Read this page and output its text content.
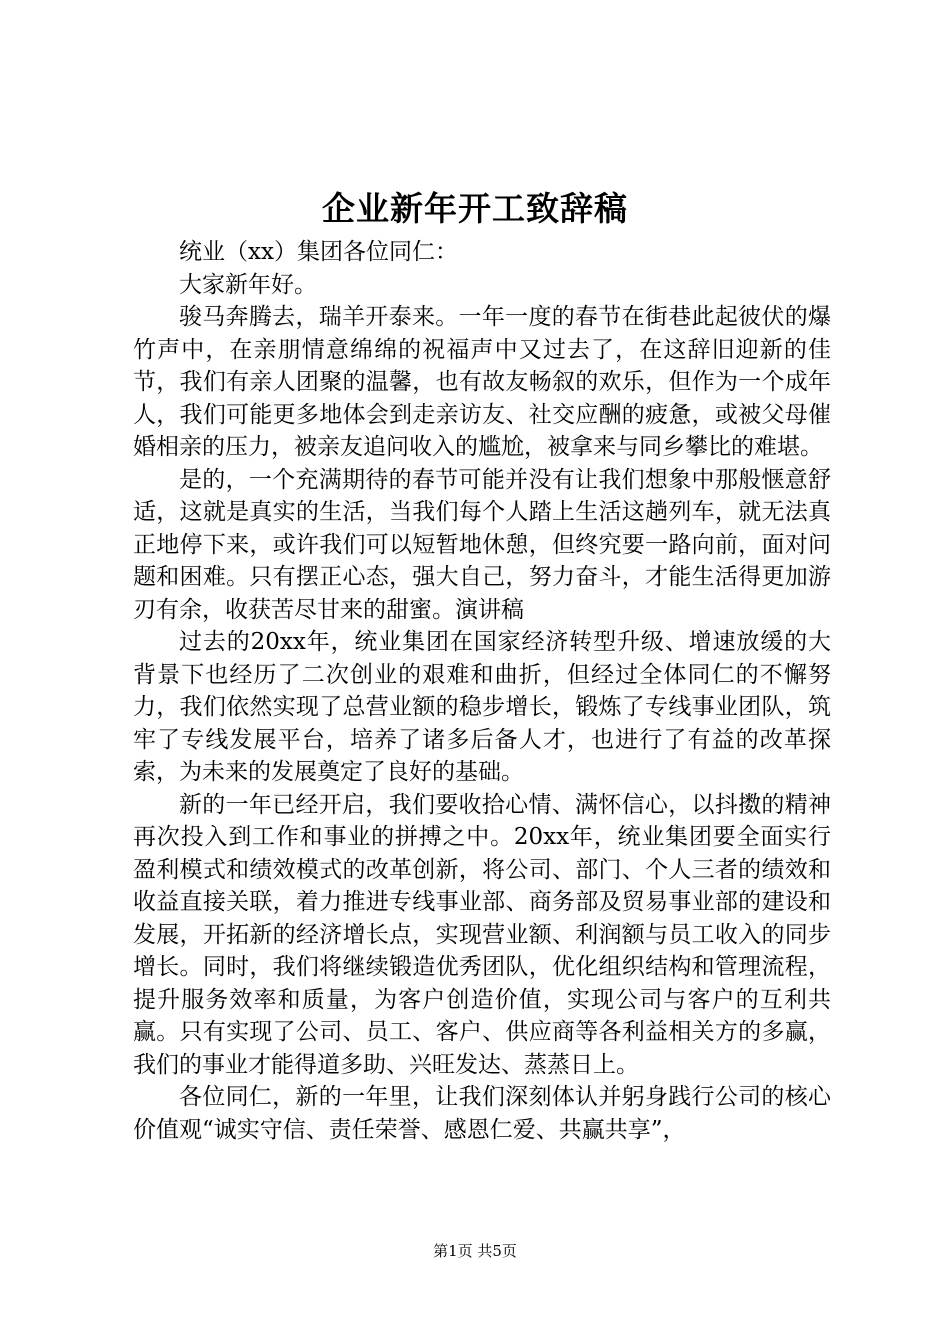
企业新年开工致辞稿

统业（xx）集团各位同仁：

大家新年好。

骏马奔腾去，瑞羊开泰来。一年一度的春节在街巷此起彼伏的爆竹声中，在亲朋情意绵绵的祝福声中又过去了，在这辞旧迎新的佳节，我们有亲人团聚的温馨，也有故友畅叙的欢乐，但作为一个成年人，我们可能更多地体会到走亲访友、社交应酬的疲惫，或被父母催婚相亲的压力，被亲友追问收入的尴尬，被拿来与同乡攀比的难堪。

是的，一个充满期待的春节可能并没有让我们想象中那般惬意舒适，这就是真实的生活，当我们每个人踏上生活这趟列车，就无法真正地停下来，或许我们可以短暂地休憩，但终究要一路向前，面对问题和困难。只有摆正心态，强大自己，努力奋斗，才能生活得更加游刃有余，收获苦尽甘来的甜蜜。演讲稿

过去的20xx年，统业集团在国家经济转型升级、增速放缓的大背景下也经历了二次创业的艰难和曲折，但经过全体同仁的不懈努力，我们依然实现了总营业额的稳步增长，锻炼了专线事业团队，筑牢了专线发展平台，培养了诸多后备人才，也进行了有益的改革探索，为未来的发展奠定了良好的基础。

新的一年已经开启，我们要收拾心情、满怀信心，以抖擞的精神再次投入到工作和事业的拼搏之中。20xx年，统业集团要全面实行盈利模式和绩效模式的改革创新，将公司、部门、个人三者的绩效和收益直接关联，着力推进专线事业部、商务部及贸易事业部的建设和发展，开拓新的经济增长点，实现营业额、利润额与员工收入的同步增长。同时，我们将继续锻造优秀团队，优化组织结构和管理流程，提升服务效率和质量，为客户创造价值，实现公司与客户的互利共赢。只有实现了公司、员工、客户、供应商等各利益相关方的多赢，我们的事业才能得道多助、兴旺发达、蒸蒸日上。

各位同仁，新的一年里，让我们深刻体认并躬身践行公司的核心价值观“诚实守信、责任荣誉、感恩仁爱、共赢共享”，

第1页 共5页
